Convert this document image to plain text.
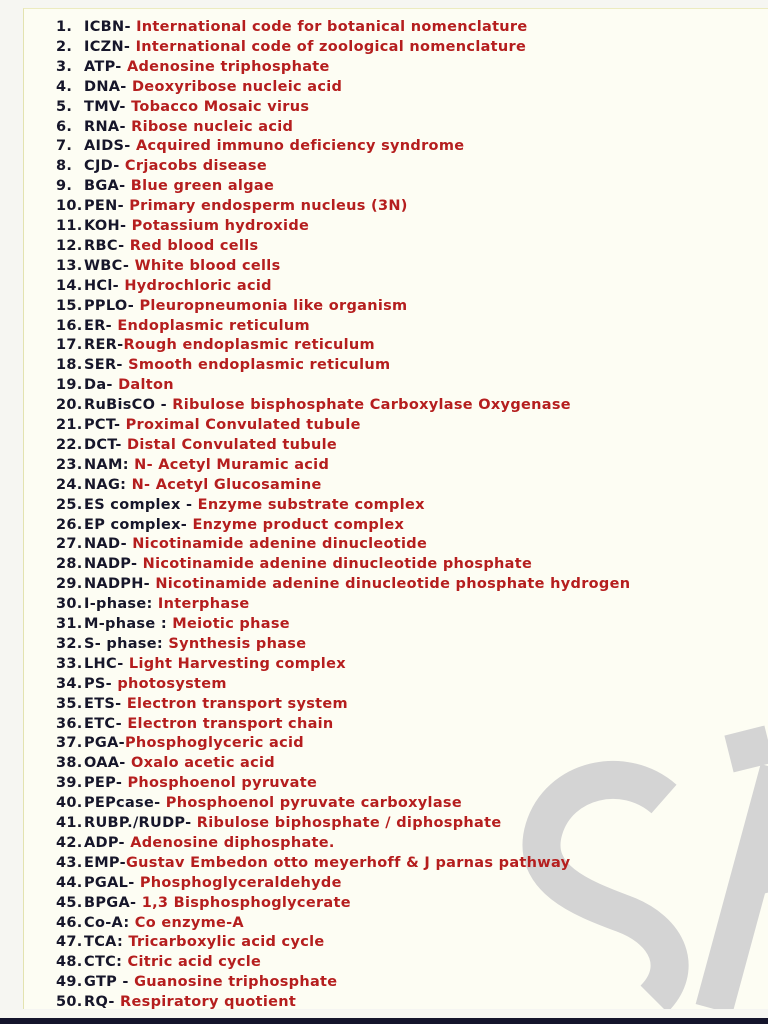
1. ICBN- International code for botanical nomenclature
2. ICZN- International code of zoological nomenclature
3. ATP- Adenosine triphosphate
4. DNA- Deoxyribose nucleic acid
5. TMV- Tobacco Mosaic virus
6. RNA- Ribose nucleic acid
7. AIDS- Acquired immuno deficiency syndrome
8. CJD- Crjacobs disease
9. BGA- Blue green algae
10.PEN- Primary endosperm nucleus (3N)
11.KOH- Potassium hydroxide
12.RBC- Red blood cells
13.WBC- White blood cells
14.HCl- Hydrochloric acid
15.PPLO- Pleuropneumonia like organism
16.ER- Endoplasmic reticulum
17.RER-Rough endoplasmic reticulum
18.SER- Smooth endoplasmic reticulum
19.Da- Dalton
20.RuBisCO - Ribulose bisphosphate Carboxylase Oxygenase
21.PCT- Proximal Convulated tubule
22.DCT- Distal Convulated tubule
23.NAM: N- Acetyl Muramic acid
24.NAG: N- Acetyl Glucosamine
25.ES complex - Enzyme substrate complex
26.EP complex- Enzyme product complex
27.NAD- Nicotinamide adenine dinucleotide
28.NADP- Nicotinamide adenine dinucleotide phosphate
29.NADPH- Nicotinamide adenine dinucleotide phosphate hydrogen
30.I-phase: Interphase
31.M-phase : Meiotic phase
32.S- phase: Synthesis phase
33.LHC- Light Harvesting complex
34.PS- photosystem
35.ETS- Electron transport system
36.ETC- Electron transport chain
37.PGA-Phosphoglyceric acid
38.OAA- Oxalo acetic acid
39.PEP- Phosphoenol pyruvate
40.PEPcase- Phosphoenol pyruvate carboxylase
41.RUBP./RUDP- Ribulose biphosphate / diphosphate
42.ADP- Adenosine diphosphate.
43.EMP-Gustav Embedon otto meyerhoff & J parnas pathway
44.PGAL- Phosphoglyceraldehyde
45.BPGA- 1,3 Bisphosphoglycerate
46.Co-A: Co enzyme-A
47.TCA: Tricarboxylic acid cycle
48.CTC: Citric acid cycle
49.GTP - Guanosine triphosphate
50.RQ- Respiratory quotient
